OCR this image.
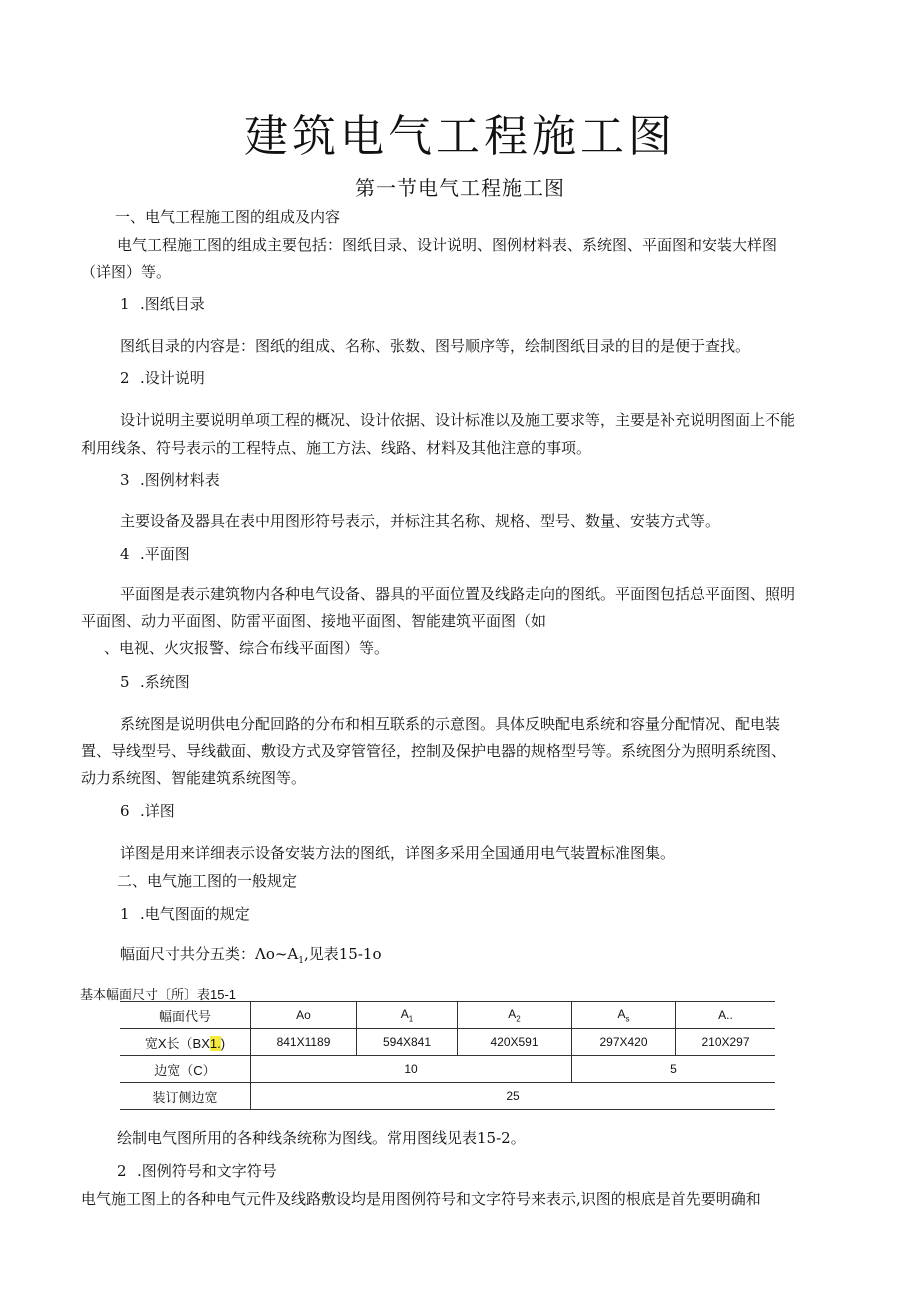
建筑电气工程施工图
第一节电气工程施工图
一、电气工程施工图的组成及内容
电气工程施工图的组成主要包括：图纸目录、设计说明、图例材料表、系统图、平面图和安装大样图
（详图）等。
1 .图纸目录
图纸目录的内容是：图纸的组成、名称、张数、图号顺序等，绘制图纸目录的目的是便于查找。
2 .设计说明
设计说明主要说明单项工程的概况、设计依据、设计标准以及施工要求等，主要是补充说明图面上不能
利用线条、符号表示的工程特点、施工方法、线路、材料及其他注意的事项。
3 .图例材料表
主要设备及器具在表中用图形符号表示，并标注其名称、规格、型号、数量、安装方式等。
4 .平面图
平面图是表示建筑物内各种电气设备、器具的平面位置及线路走向的图纸。平面图包括总平面图、照明
平面图、动力平面图、防雷平面图、接地平面图、智能建筑平面图（如
、电视、火灾报警、综合布线平面图）等。
5 .系统图
系统图是说明供电分配回路的分布和相互联系的示意图。具体反映配电系统和容量分配情况、配电装
置、导线型号、导线截面、敷设方式及穿管管径，控制及保护电器的规格型号等。系统图分为照明系统图、
动力系统图、智能建筑系统图等。
6 .详图
详图是用来详细表示设备安装方法的图纸，详图多采用全国通用电气装置标准图集。
二、电气施工图的一般规定
1 .电气图面的规定
幅面尺寸共分五类：$\Lambda o\sim A_1$,见表15-1o
基本幅面尺寸〔所〕表15-1
幅面代号	Ao	$A_1$	$A_2$	$A_s$	A..
宽X长（BX1.)	841X1189	594X841	420X591	297X420	210X297
边宽（C）	10			5	
装订侧边宽	25				
绘制电气图所用的各种线条统称为图线。常用图线见表15-2。
2 .图例符号和文字符号
电气施工图上的各种电气元件及线路敷设均是用图例符号和文字符号来表示,识图的根底是首先要明确和
